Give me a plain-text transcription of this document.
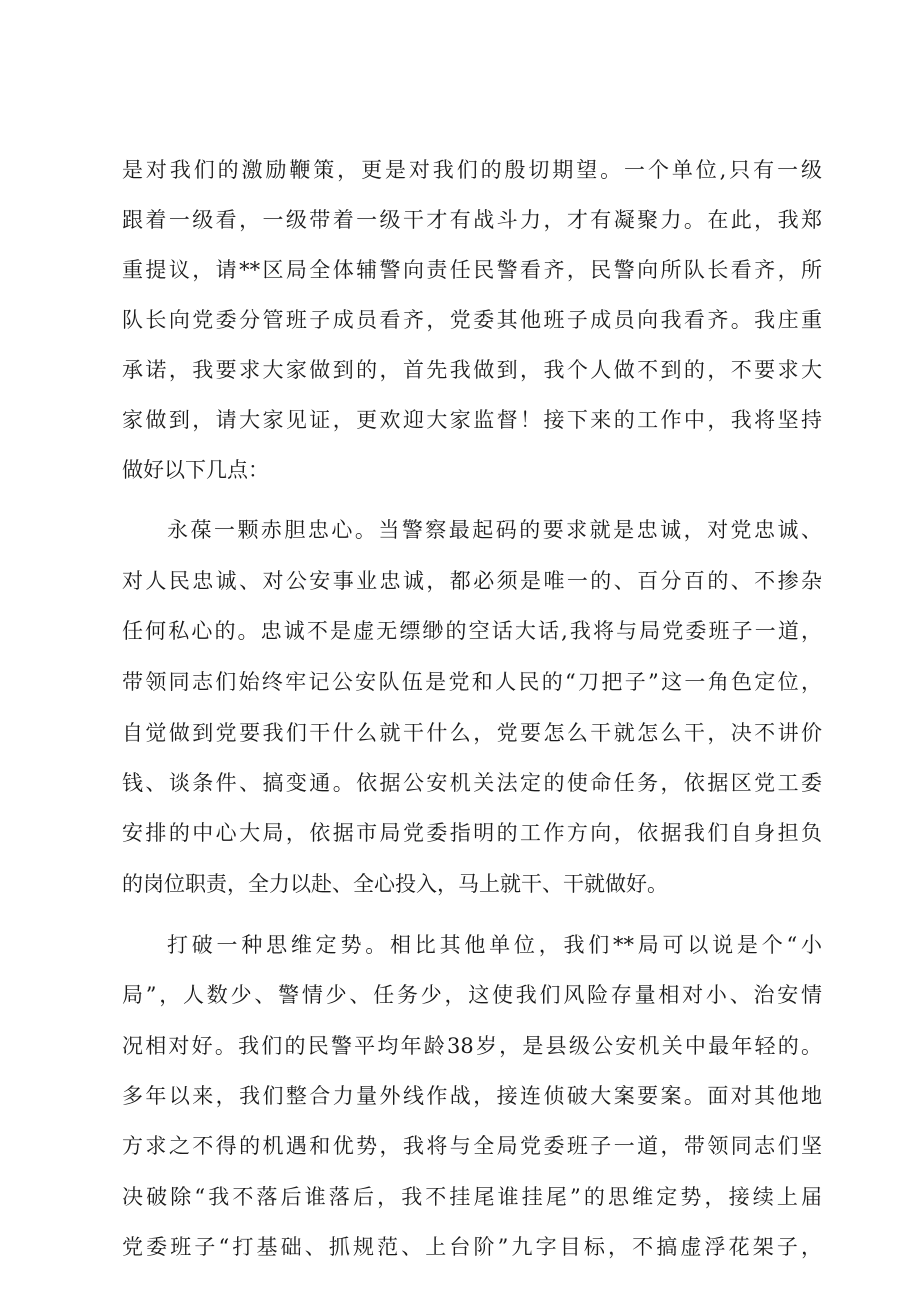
是对我们的激励鞭策，更是对我们的殷切期望。一个单位,只有一级
跟着一级看，一级带着一级干才有战斗力，才有凝聚力。在此，我郑
重提议，请**区局全体辅警向责任民警看齐，民警向所队长看齐，所
队长向党委分管班子成员看齐，党委其他班子成员向我看齐。我庄重
承诺，我要求大家做到的，首先我做到，我个人做不到的，不要求大
家做到，请大家见证，更欢迎大家监督！接下来的工作中，我将坚持
做好以下几点：
永葆一颗赤胆忠心。当警察最起码的要求就是忠诚，对党忠诚、
对人民忠诚、对公安事业忠诚，都必须是唯一的、百分百的、不掺杂
任何私心的。忠诚不是虚无缥缈的空话大话,我将与局党委班子一道，
带领同志们始终牢记公安队伍是党和人民的“刀把子”这一角色定位，
自觉做到党要我们干什么就干什么，党要怎么干就怎么干，决不讲价
钱、谈条件、搞变通。依据公安机关法定的使命任务，依据区党工委
安排的中心大局，依据市局党委指明的工作方向，依据我们自身担负
的岗位职责，全力以赴、全心投入，马上就干、干就做好。
打破一种思维定势。相比其他单位，我们**局可以说是个“小
局”，人数少、警情少、任务少，这使我们风险存量相对小、治安情
况相对好。我们的民警平均年龄38岁，是县级公安机关中最年轻的。
多年以来，我们整合力量外线作战，接连侦破大案要案。面对其他地
方求之不得的机遇和优势，我将与全局党委班子一道，带领同志们坚
决破除“我不落后谁落后，我不挂尾谁挂尾”的思维定势，接续上届
党委班子“打基础、抓规范、上台阶”九字目标，不搞虚浮花架子，
